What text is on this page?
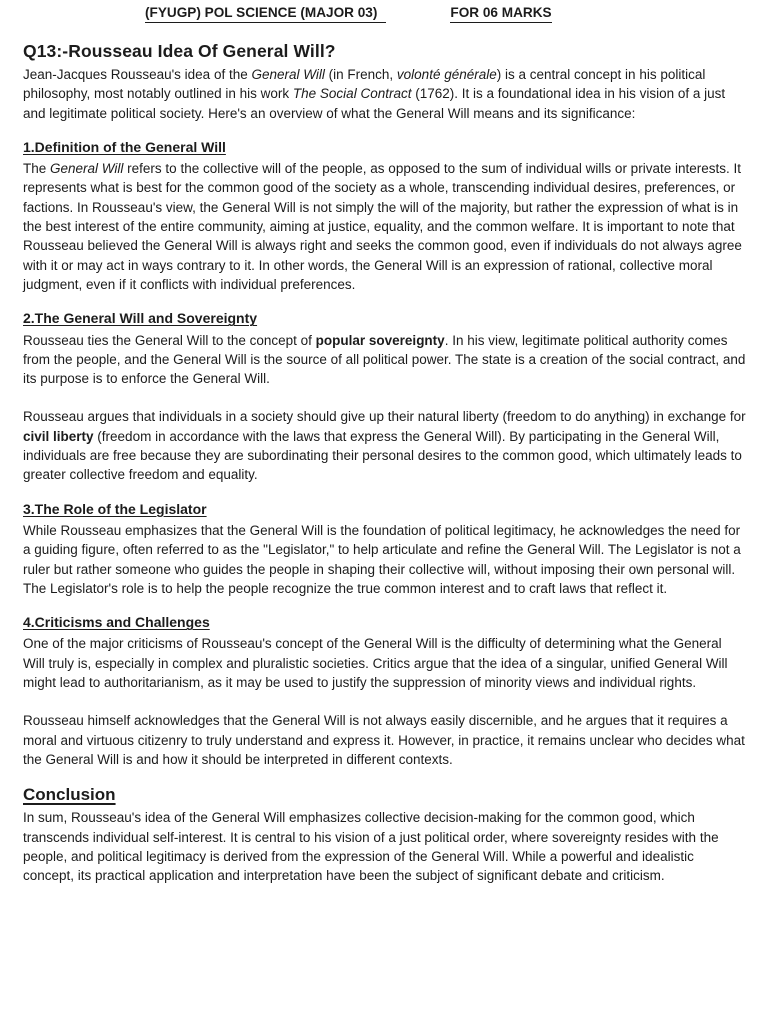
(FYUGP) POL SCIENCE (MAJOR 03)	FOR 06 MARKS
Q13:-Rousseau Idea Of General Will?

Jean-Jacques Rousseau's idea of the General Will (in French, volonté générale) is a central concept in his political philosophy, most notably outlined in his work The Social Contract (1762). It is a foundational idea in his vision of a just and legitimate political society. Here's an overview of what the General Will means and its significance:

1.Definition of the General Will

The General Will refers to the collective will of the people, as opposed to the sum of individual wills or private interests. It represents what is best for the common good of the society as a whole, transcending individual desires, preferences, or factions. In Rousseau's view, the General Will is not simply the will of the majority, but rather the expression of what is in the best interest of the entire community, aiming at justice, equality, and the common welfare. It is important to note that Rousseau believed the General Will is always right and seeks the common good, even if individuals do not always agree with it or may act in ways contrary to it. In other words, the General Will is an expression of rational, collective moral judgment, even if it conflicts with individual preferences.

2.The General Will and Sovereignty

Rousseau ties the General Will to the concept of popular sovereignty. In his view, legitimate political authority comes from the people, and the General Will is the source of all political power. The state is a creation of the social contract, and its purpose is to enforce the General Will.

Rousseau argues that individuals in a society should give up their natural liberty (freedom to do anything) in exchange for civil liberty (freedom in accordance with the laws that express the General Will). By participating in the General Will, individuals are free because they are subordinating their personal desires to the common good, which ultimately leads to greater collective freedom and equality.

3.The Role of the Legislator

While Rousseau emphasizes that the General Will is the foundation of political legitimacy, he acknowledges the need for a guiding figure, often referred to as the "Legislator," to help articulate and refine the General Will. The Legislator is not a ruler but rather someone who guides the people in shaping their collective will, without imposing their own personal will. The Legislator's role is to help the people recognize the true common interest and to craft laws that reflect it.

4.Criticisms and Challenges

One of the major criticisms of Rousseau's concept of the General Will is the difficulty of determining what the General Will truly is, especially in complex and pluralistic societies. Critics argue that the idea of a singular, unified General Will might lead to authoritarianism, as it may be used to justify the suppression of minority views and individual rights.

Rousseau himself acknowledges that the General Will is not always easily discernible, and he argues that it requires a moral and virtuous citizenry to truly understand and express it. However, in practice, it remains unclear who decides what the General Will is and how it should be interpreted in different contexts.

Conclusion

In sum, Rousseau's idea of the General Will emphasizes collective decision-making for the common good, which transcends individual self-interest. It is central to his vision of a just political order, where sovereignty resides with the people, and political legitimacy is derived from the expression of the General Will. While a powerful and idealistic concept, its practical application and interpretation have been the subject of significant debate and criticism.
